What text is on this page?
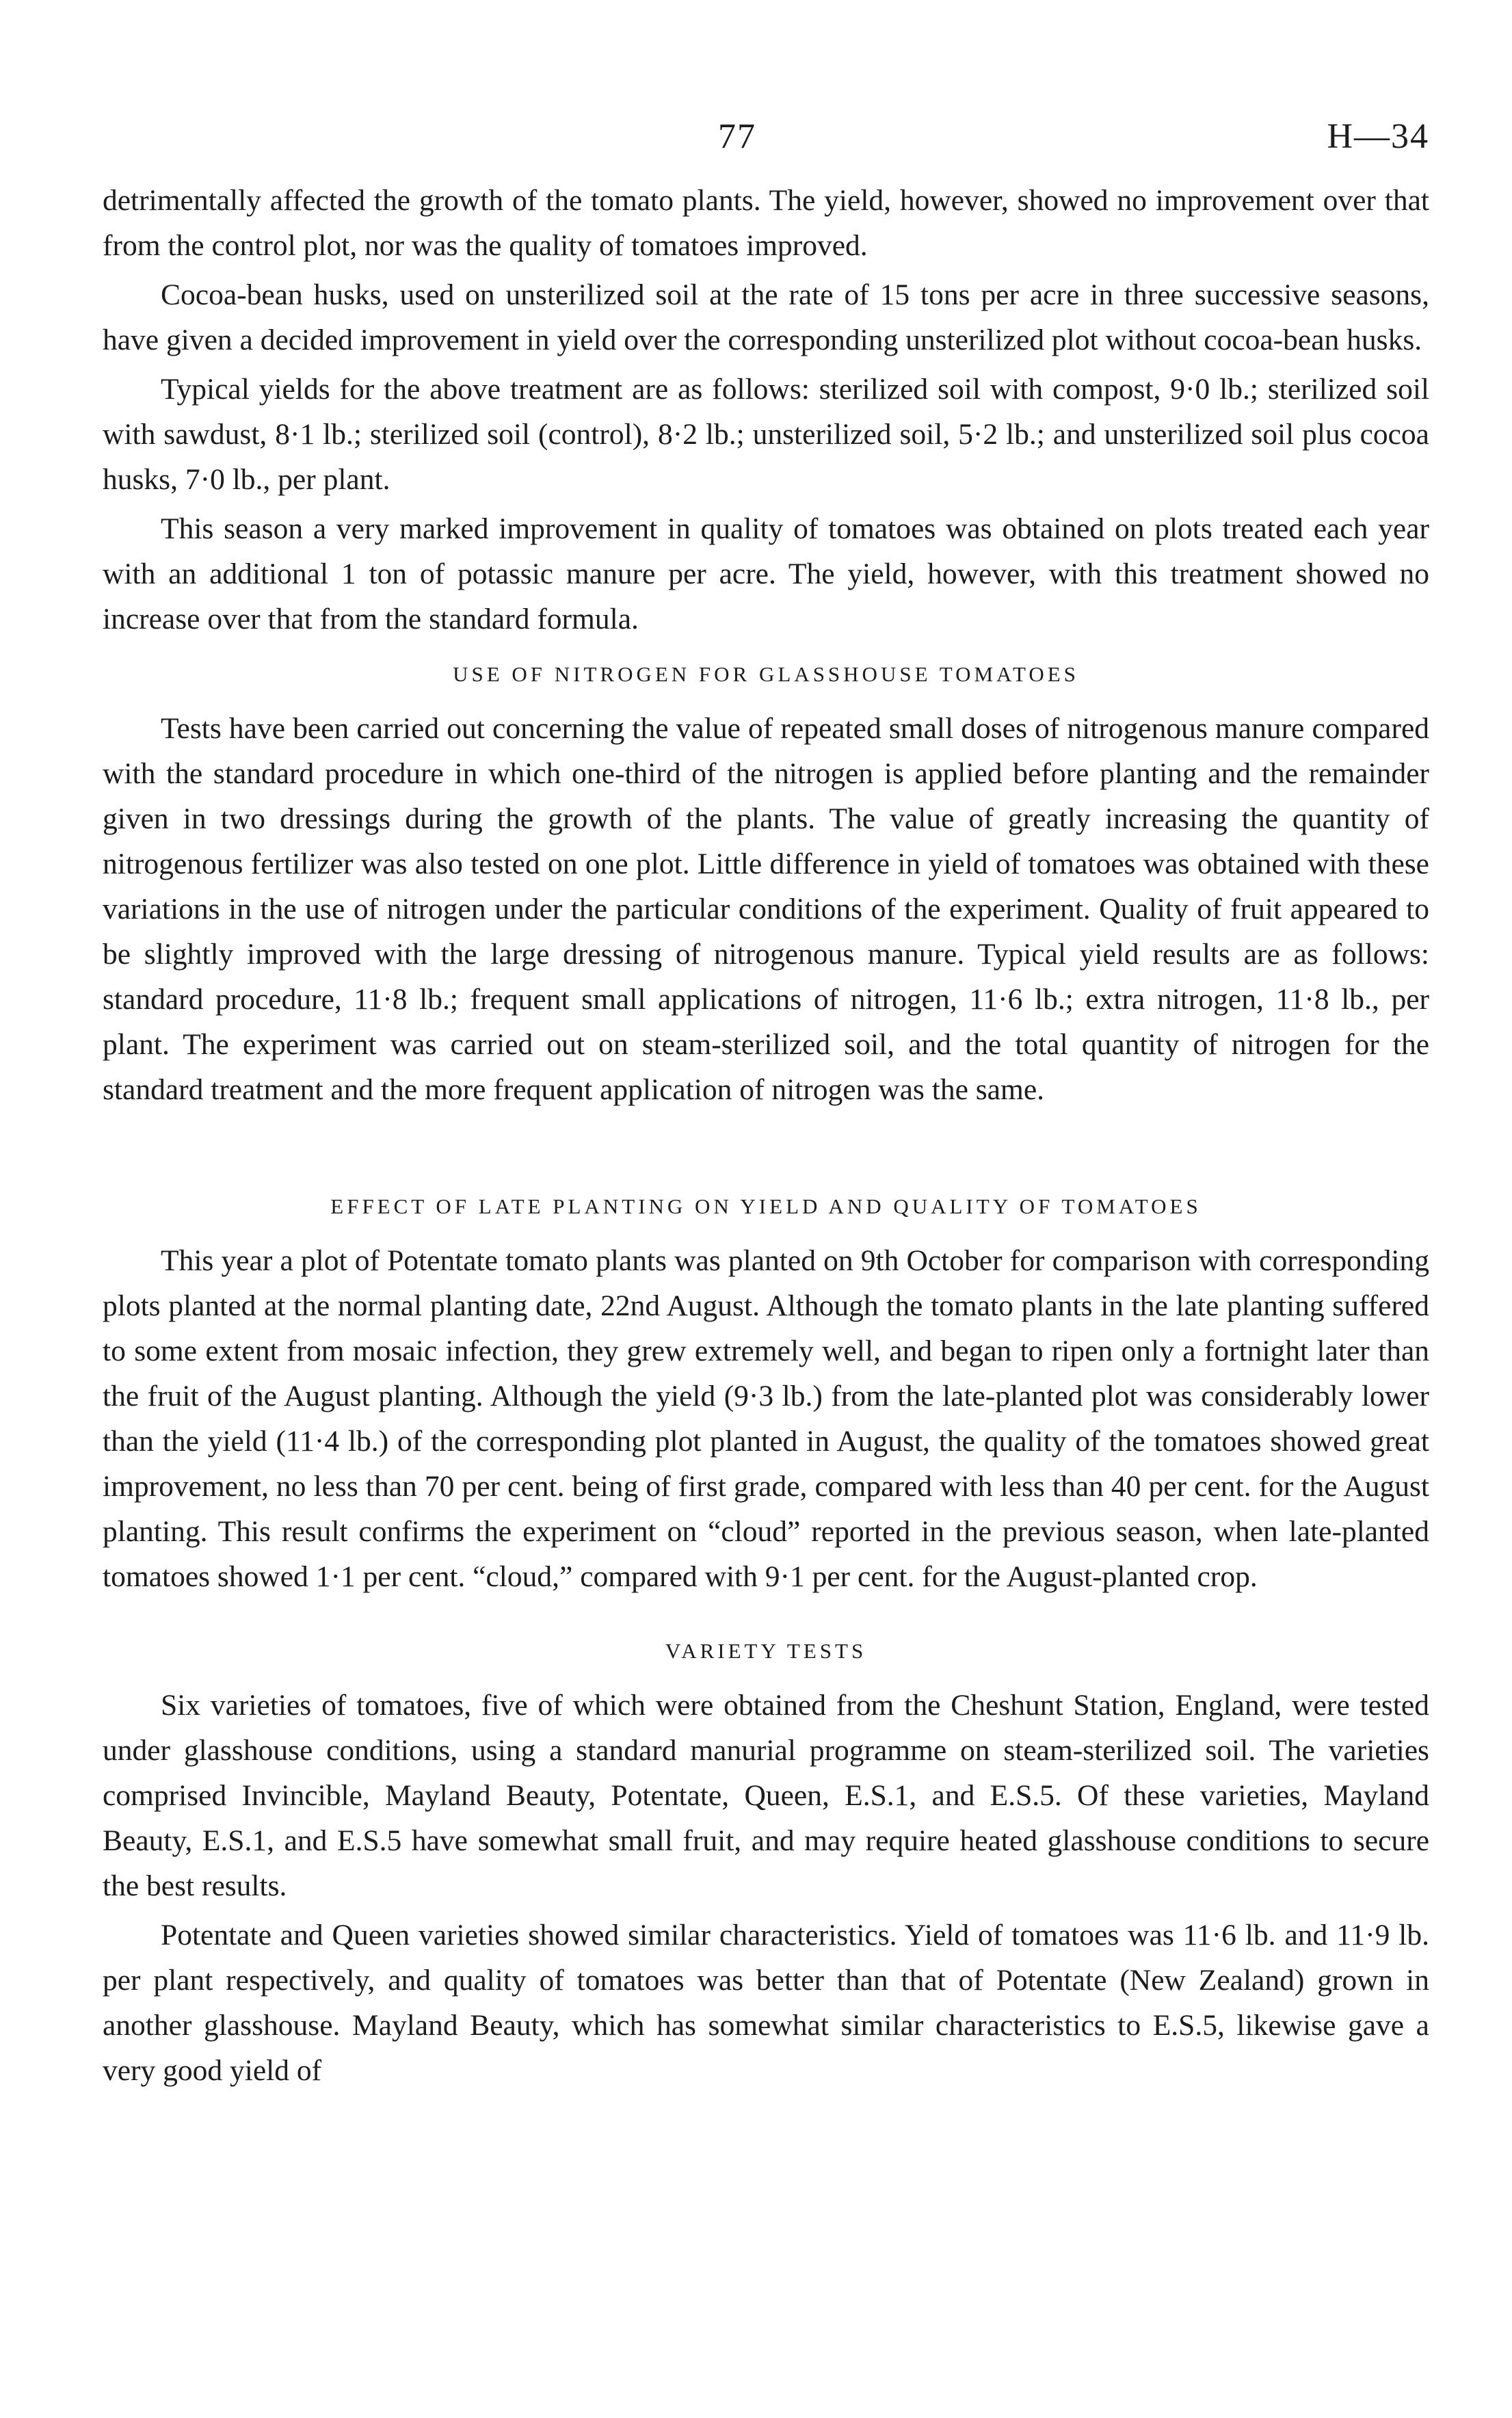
77	H—34

detrimentally affected the growth of the tomato plants. The yield, however, showed no improvement over that from the control plot, nor was the quality of tomatoes improved.

Cocoa-bean husks, used on unsterilized soil at the rate of 15 tons per acre in three successive seasons, have given a decided improvement in yield over the corresponding unsterilized plot without cocoa-bean husks.

Typical yields for the above treatment are as follows: sterilized soil with compost, 9·0 lb.; sterilized soil with sawdust, 8·1 lb.; sterilized soil (control), 8·2 lb.; unsterilized soil, 5·2 lb.; and unsterilized soil plus cocoa husks, 7·0 lb., per plant.

This season a very marked improvement in quality of tomatoes was obtained on plots treated each year with an additional 1 ton of potassic manure per acre. The yield, however, with this treatment showed no increase over that from the standard formula.

USE OF NITROGEN FOR GLASSHOUSE TOMATOES

Tests have been carried out concerning the value of repeated small doses of nitrogenous manure compared with the standard procedure in which one-third of the nitrogen is applied before planting and the remainder given in two dressings during the growth of the plants. The value of greatly increasing the quantity of nitrogenous fertilizer was also tested on one plot. Little difference in yield of tomatoes was obtained with these variations in the use of nitrogen under the particular conditions of the experiment. Quality of fruit appeared to be slightly improved with the large dressing of nitrogenous manure. Typical yield results are as follows: standard procedure, 11·8 lb.; frequent small applications of nitrogen, 11·6 lb.; extra nitrogen, 11·8 lb., per plant. The experiment was carried out on steam-sterilized soil, and the total quantity of nitrogen for the standard treatment and the more frequent application of nitrogen was the same.

EFFECT OF LATE PLANTING ON YIELD AND QUALITY OF TOMATOES

This year a plot of Potentate tomato plants was planted on 9th October for comparison with corresponding plots planted at the normal planting date, 22nd August. Although the tomato plants in the late planting suffered to some extent from mosaic infection, they grew extremely well, and began to ripen only a fortnight later than the fruit of the August planting. Although the yield (9·3 lb.) from the late-planted plot was considerably lower than the yield (11·4 lb.) of the corresponding plot planted in August, the quality of the tomatoes showed great improvement, no less than 70 per cent. being of first grade, compared with less than 40 per cent. for the August planting. This result confirms the experiment on “cloud” reported in the previous season, when late-planted tomatoes showed 1·1 per cent. “cloud,” compared with 9·1 per cent. for the August-planted crop.

VARIETY TESTS

Six varieties of tomatoes, five of which were obtained from the Cheshunt Station, England, were tested under glasshouse conditions, using a standard manurial programme on steam-sterilized soil. The varieties comprised Invincible, Mayland Beauty, Potentate, Queen, E.S.1, and E.S.5. Of these varieties, Mayland Beauty, E.S.1, and E.S.5 have somewhat small fruit, and may require heated glasshouse conditions to secure the best results.

Potentate and Queen varieties showed similar characteristics. Yield of tomatoes was 11·6 lb. and 11·9 lb. per plant respectively, and quality of tomatoes was better than that of Potentate (New Zealand) grown in another glasshouse. Mayland Beauty, which has somewhat similar characteristics to E.S.5, likewise gave a very good yield of
